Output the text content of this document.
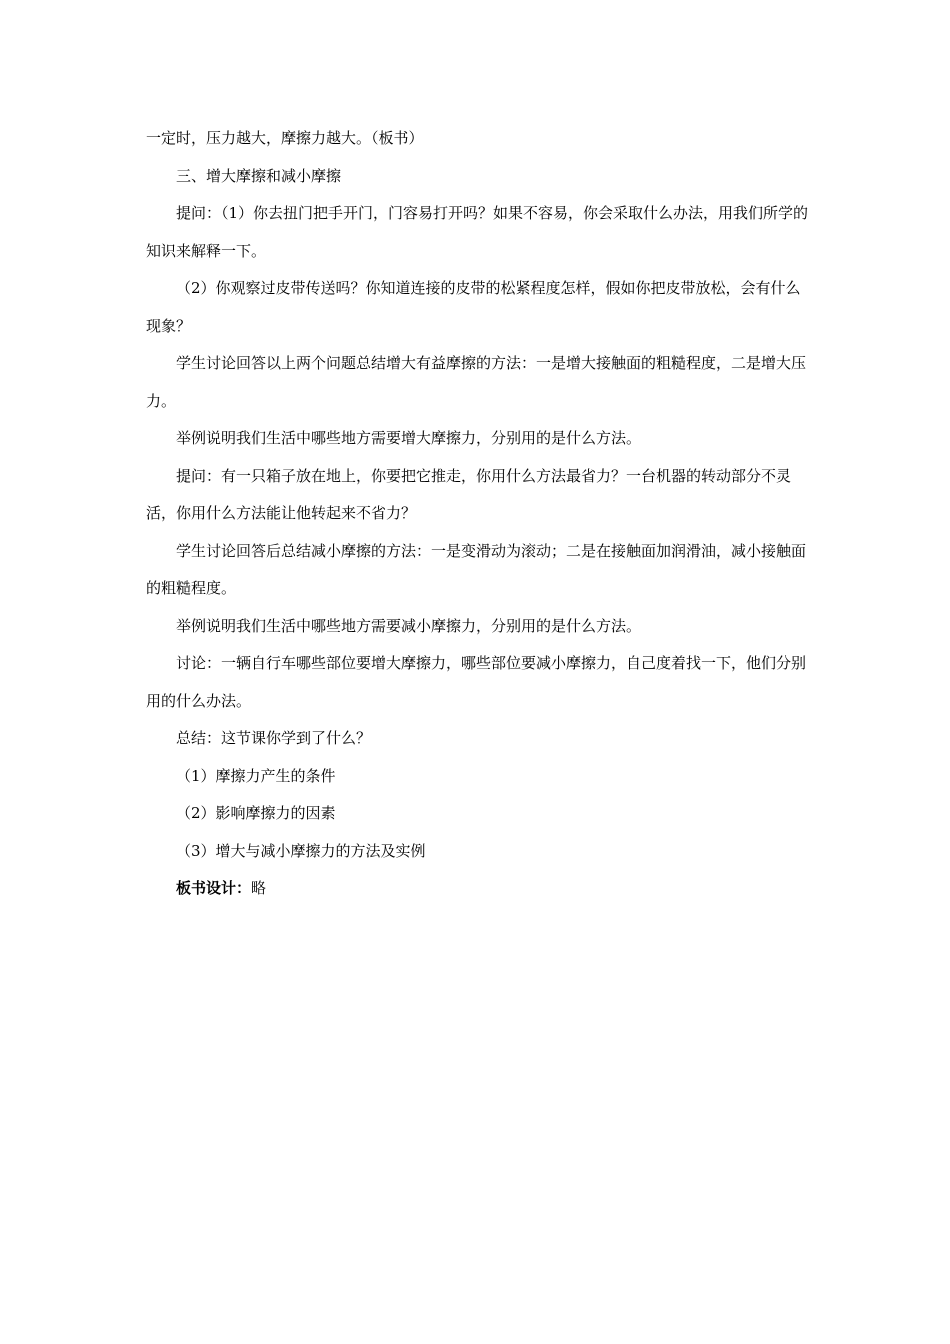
一定时，压力越大，摩擦力越大。（板书）

三、增大摩擦和减小摩擦

提问：（1）你去扭门把手开门，门容易打开吗？如果不容易，你会采取什么办法，用我们所学的知识来解释一下。

（2）你观察过皮带传送吗？你知道连接的皮带的松紧程度怎样，假如你把皮带放松，会有什么现象？

学生讨论回答以上两个问题总结增大有益摩擦的方法：一是增大接触面的粗糙程度，二是增大压力。

举例说明我们生活中哪些地方需要增大摩擦力，分别用的是什么方法。

提问：有一只箱子放在地上，你要把它推走，你用什么方法最省力？一台机器的转动部分不灵活，你用什么方法能让他转起来不省力？

学生讨论回答后总结减小摩擦的方法：一是变滑动为滚动；二是在接触面加润滑油，减小接触面的粗糙程度。

举例说明我们生活中哪些地方需要减小摩擦力，分别用的是什么方法。

讨论：一辆自行车哪些部位要增大摩擦力，哪些部位要减小摩擦力，自己度着找一下，他们分别用的什么办法。

总结：这节课你学到了什么？

（1）摩擦力产生的条件

（2）影响摩擦力的因素

（3）增大与减小摩擦力的方法及实例

板书设计：略
